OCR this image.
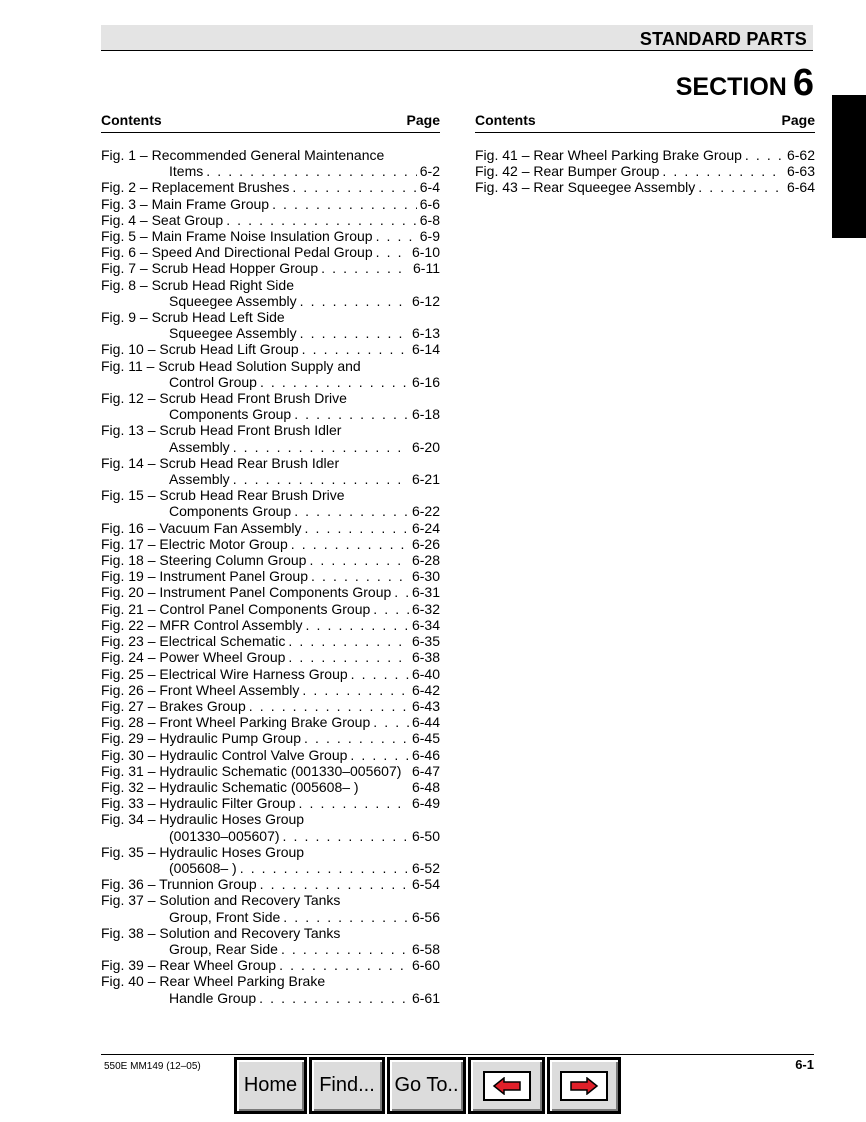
STANDARD PARTS
SECTION 6
Contents	Page
Fig. 1 – Recommended General Maintenance
Items . . .	6-2
Fig. 2 – Replacement Brushes . . .	6-4
Fig. 3 – Main Frame Group . . .	6-6
Fig. 4 – Seat Group . . .	6-8
Fig. 5 – Main Frame Noise Insulation Group . . .	6-9
Fig. 6 – Speed And Directional Pedal Group . . .	6-10
Fig. 7 – Scrub Head Hopper Group . . .	6-11
Fig. 8 – Scrub Head Right Side
Squeegee Assembly . . .	6-12
Fig. 9 – Scrub Head Left Side
Squeegee Assembly . . .	6-13
Fig. 10 – Scrub Head Lift Group . . .	6-14
Fig. 11 – Scrub Head Solution Supply and
Control Group . . .	6-16
Fig. 12 – Scrub Head Front Brush Drive
Components Group . . .	6-18
Fig. 13 – Scrub Head Front Brush Idler
Assembly . . .	6-20
Fig. 14 – Scrub Head Rear Brush Idler
Assembly . . .	6-21
Fig. 15 – Scrub Head Rear Brush Drive
Components Group . . .	6-22
Fig. 16 – Vacuum Fan Assembly . . .	6-24
Fig. 17 – Electric Motor Group . . .	6-26
Fig. 18 – Steering Column Group . . .	6-28
Fig. 19 – Instrument Panel Group . . .	6-30
Fig. 20 – Instrument Panel Components Group . . . 6-31
Fig. 21 – Control Panel Components Group . . .	6-32
Fig. 22 – MFR Control Assembly . . .	6-34
Fig. 23 – Electrical Schematic . . .	6-35
Fig. 24 – Power Wheel Group . . .	6-38
Fig. 25 – Electrical Wire Harness Group . . .	6-40
Fig. 26 – Front Wheel Assembly . . .	6-42
Fig. 27 – Brakes Group . . .	6-43
Fig. 28 – Front Wheel Parking Brake Group . . .	6-44
Fig. 29 – Hydraulic Pump Group . . .	6-45
Fig. 30 – Hydraulic Control Valve Group . . .	6-46
Fig. 31 – Hydraulic Schematic (001330–005607) 6-47
Fig. 32 – Hydraulic Schematic (005608– )	6-48
Fig. 33 – Hydraulic Filter Group . . .	6-49
Fig. 34 – Hydraulic Hoses Group
(001330–005607) . . .	6-50
Fig. 35 – Hydraulic Hoses Group
(005608– ) . . .	6-52
Fig. 36 – Trunnion Group . . .	6-54
Fig. 37 – Solution and Recovery Tanks
Group, Front Side . . .	6-56
Fig. 38 – Solution and Recovery Tanks
Group, Rear Side . . .	6-58
Fig. 39 – Rear Wheel Group . . .	6-60
Fig. 40 – Rear Wheel Parking Brake
Handle Group . . .	6-61
Contents	Page
Fig. 41 – Rear Wheel Parking Brake Group . . .	6-62
Fig. 42 – Rear Bumper Group . . .	6-63
Fig. 43 – Rear Squeegee Assembly . . .	6-64
550E MM149 (12–05)	6-1
Home Find... Go To..
